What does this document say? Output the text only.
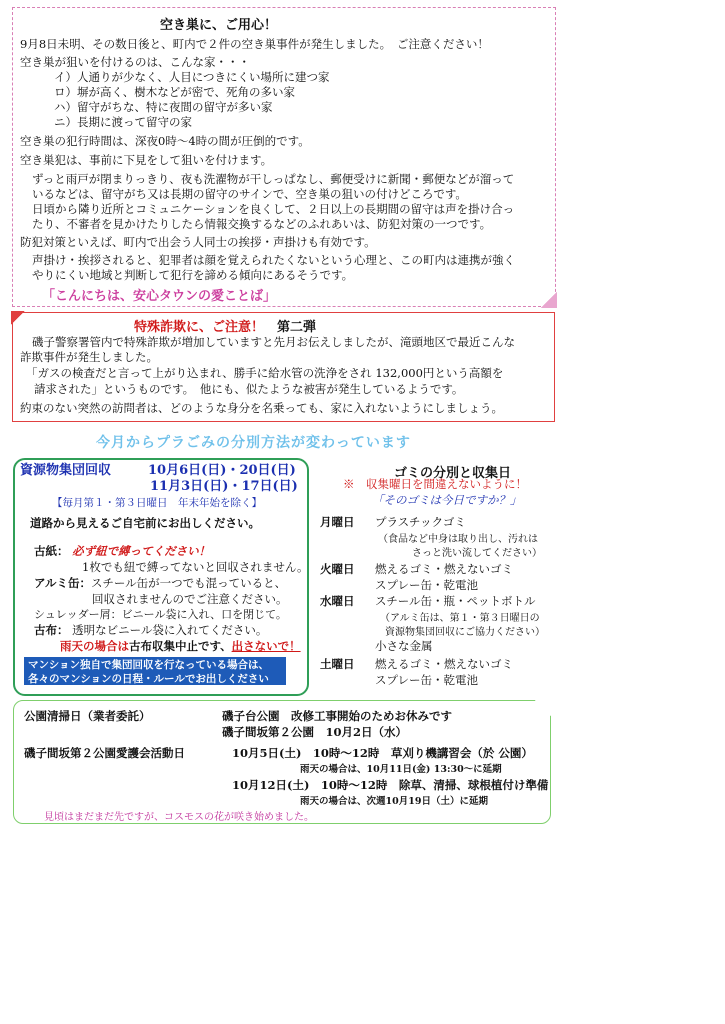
空き巣に、ご用心！
9月8日未明、その数日後と、町内で２件の空き巣事件が発生しました。　ご注意ください！
空き巣が狙いを付けるのは、こんな家・・・
イ）人通りが少なく、人目につきにくい場所に建つ家
ロ）塀が高く、樹木などが密で、死角の多い家
ハ）留守がちな、特に夜間の留守が多い家
ニ）長期に渡って留守の家
空き巣の犯行時間は、深夜0時～4時の間が圧倒的です。
空き巣犯は、事前に下見をして狙いを付けます。
ずっと雨戸が閉まりっきり、夜も洗濯物が干しっぱなし、郵便受けに新聞・郵便などが溜って
いるなどは、留守がち又は長期の留守のサインで、空き巣の狙いの付けどころです。
日頃から隣り近所とコミュニケーションを良くして、２日以上の長期間の留守は声を掛け合っ
たり、不審者を見かけたりしたら情報交換するなどのふれあいは、防犯対策の一つです。
防犯対策といえば、町内で出会う人同士の挨拶・声掛けも有効です。
声掛け・挨拶されると、犯罪者は顔を覚えられたくないという心理と、この町内は連携が強く
やりにくい地域と判断して犯行を諦める傾向にあるそうです。
「こんにちは、安心タウンの愛ことば」
特殊詐欺に、ご注意！　 第二弾
磯子警察署管内で特殊詐欺が増加していますと先月お伝えしましたが、滝頭地区で最近こんな
詐欺事件が発生しました。
「ガスの検査だと言って上がり込まれ、勝手に給水管の洗浄をされ 132,000円という高額を
請求された」というものです。　他にも、似たような被害が発生しているようです。
約束のない突然の訪問者は、どのような身分を名乗っても、家に入れないようにしましょう。
今月からプラごみの分別方法が変わっています
資源物集団回収	10月6日(日)・20日(日)
11月3日(日)・17日(日)
【毎月第１・第３日曜日　年末年始を除く】
道路から見えるご自宅前にお出しください。
古紙： 必ず紐で縛ってください！
1枚でも紐で縛ってないと回収されません。
アルミ缶：スチール缶が一つでも混っていると、
回収されませんのでご注意ください。
シュレッダー屑：ビニール袋に入れ、口を閉じて。
古布： 透明なビニール袋に入れてください。
雨天の場合は古布収集中止です、出さないで！
マンション独自で集団回収を行なっている場合は、
各々のマンションの日程・ルールでお出しください
ゴミの分別と収集日
※　収集曜日を間違えないように！
「そのゴミは今日ですか？」
月曜日 プラスチックゴミ
（食品など中身は取り出し、汚れは
さっと洗い流してください）
火曜日 燃えるゴミ・燃えないゴミ
スプレー缶・乾電池
水曜日 スチール缶・瓶・ペットボトル
（アルミ缶は、第１・第３日曜日の
資源物集団回収にご協力ください）
小さな金属
土曜日 燃えるゴミ・燃えないゴミ
スプレー缶・乾電池
公園清掃日（業者委託）	磯子台公園　改修工事開始のためお休みです
磯子間坂第２公園　10月2日（水）
磯子間坂第２公園愛護会活動日	10月5日(土)　10時～12時　草刈り機講習会（於 公園）
雨天の場合は、10月11日(金) 13:30～に延期
10月12日(土)　10時～12時　除草、清掃、球根植付け準備
雨天の場合は、次週10月19日（土）に延期
見頃はまだまだ先ですが、コスモスの花が咲き始めました。
